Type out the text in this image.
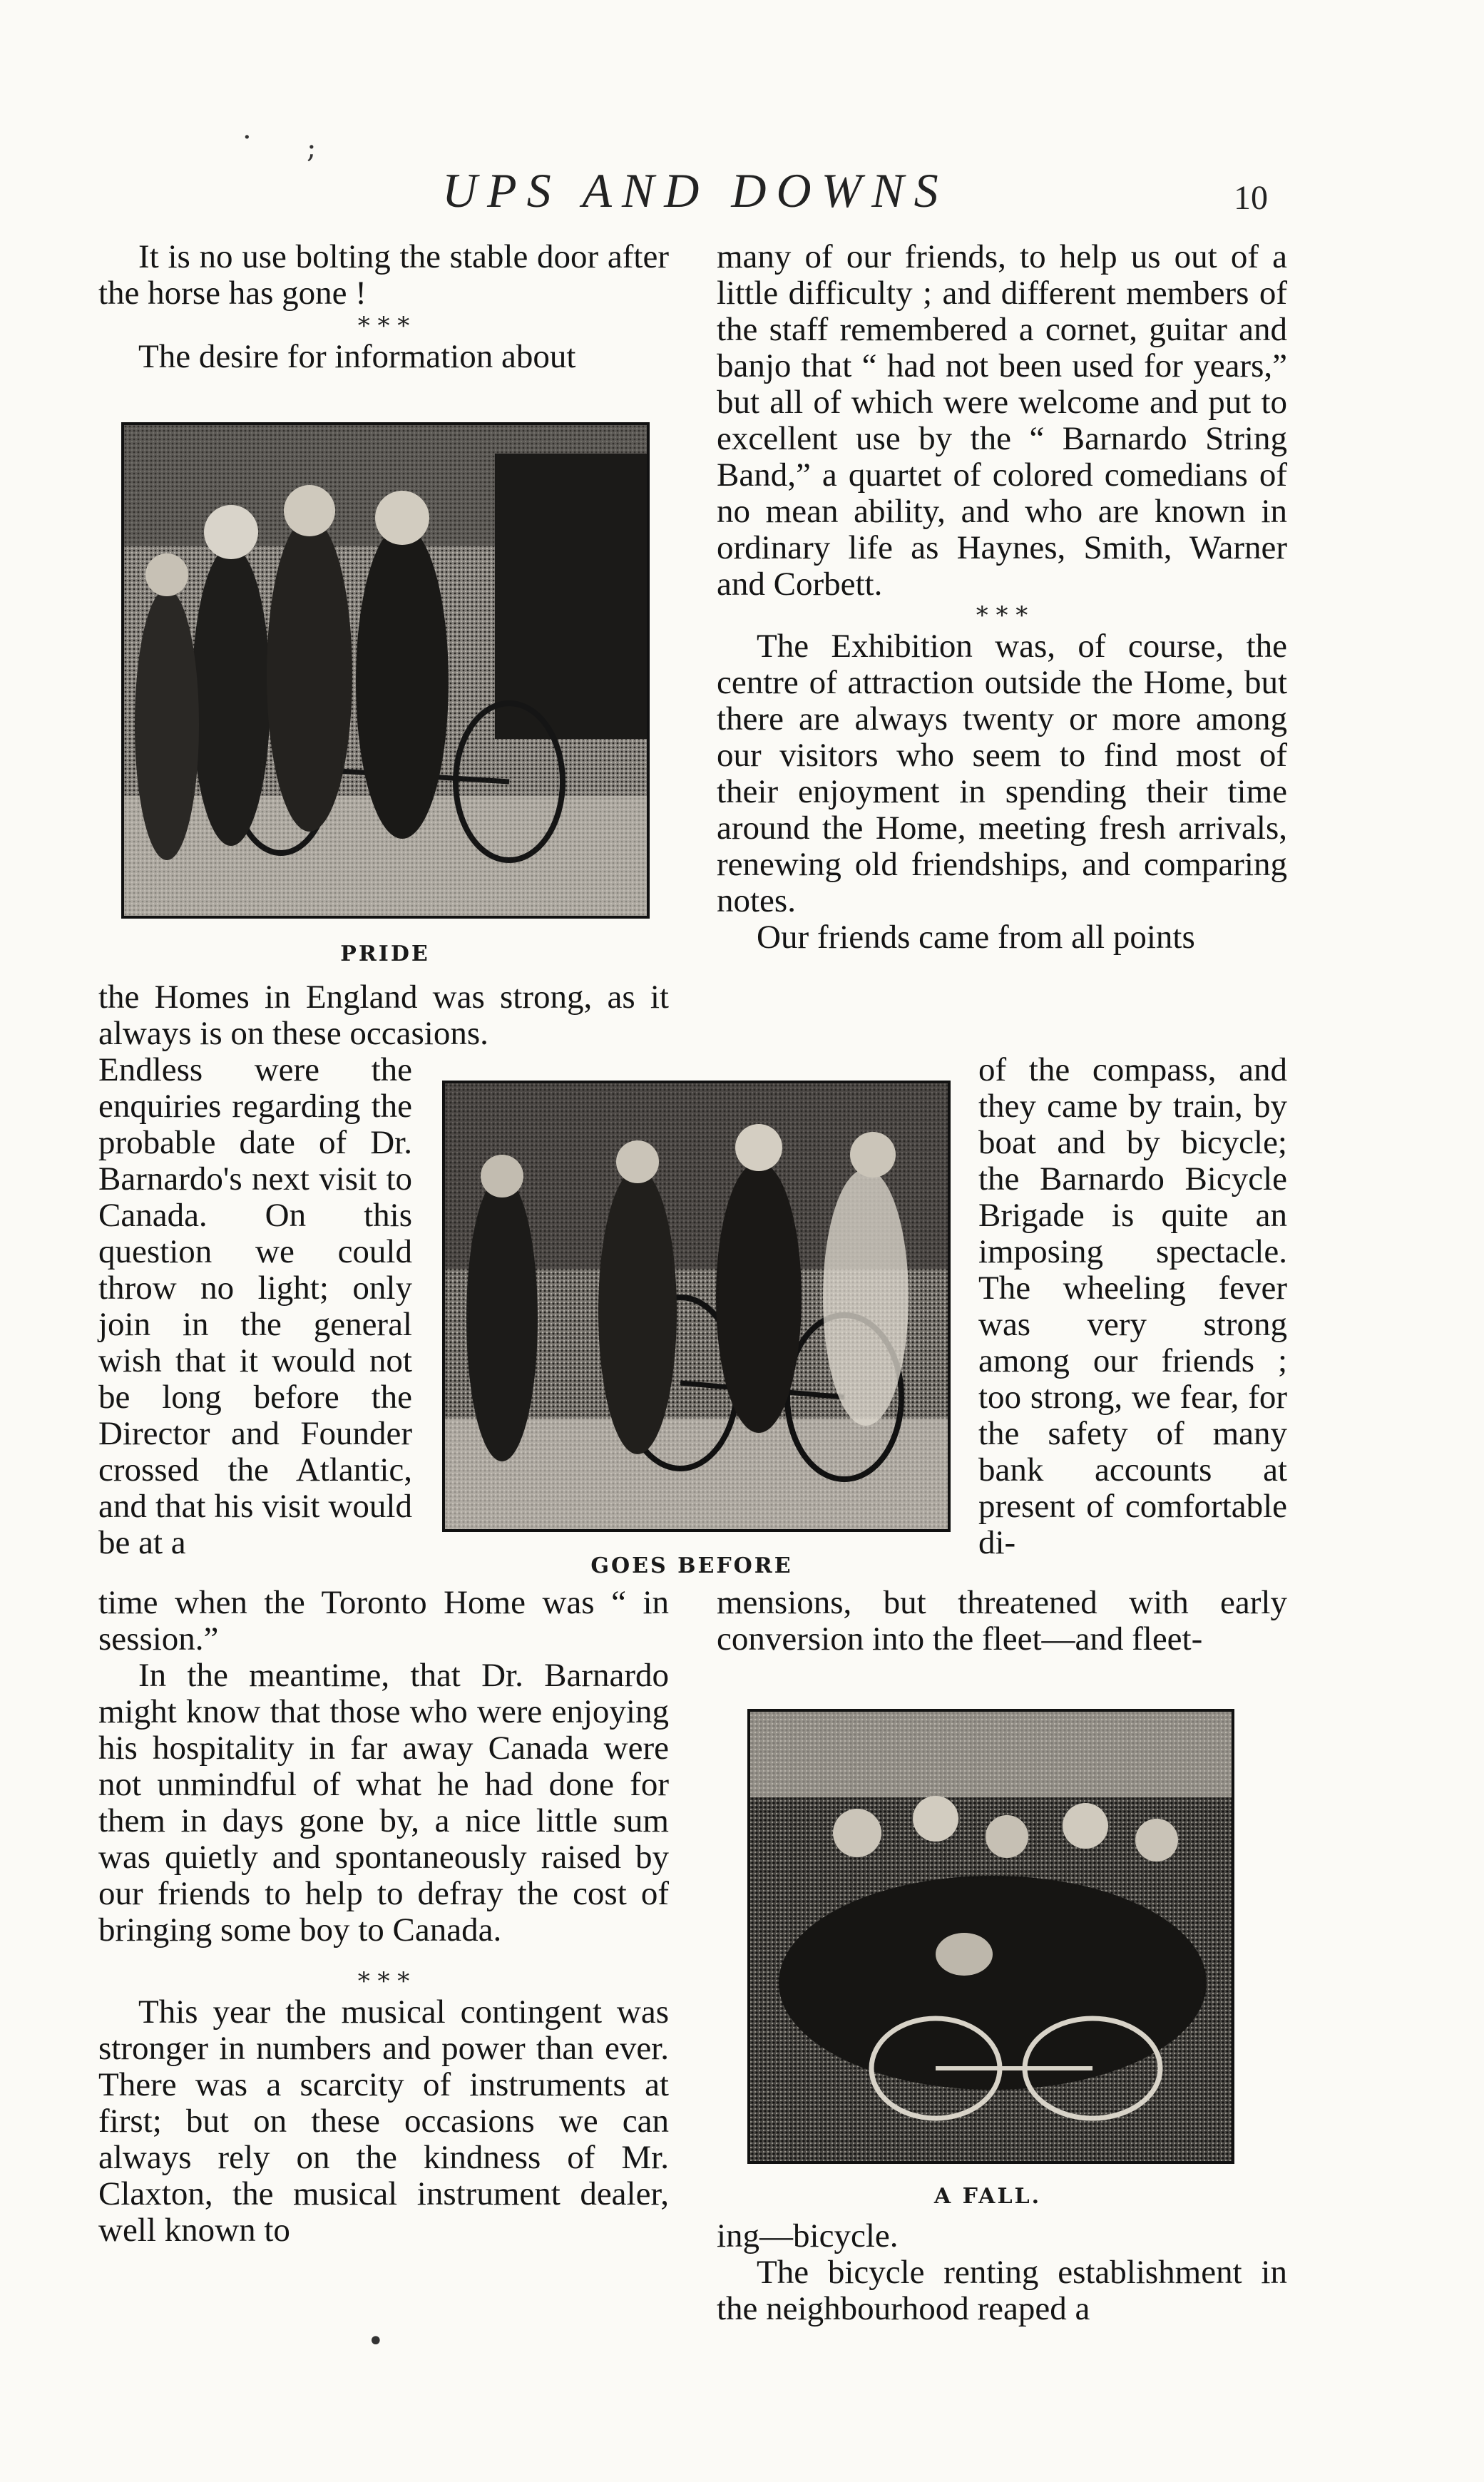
UPS AND DOWNS	10
· ;

It is no use bolting the stable door after the horse has gone !

* * *

The desire for information about

PRIDE

the Homes in England was strong, as it always is on these occasions.

Endless were the enquiries regarding the probable date of Dr. Barnardo's next visit to Canada. On this question we could throw no light; only join in the general wish that it would not be long before the Director and Founder crossed the Atlantic, and that his visit would be at a

GOES BEFORE

time when the Toronto Home was “ in session.”

In the meantime, that Dr. Barnardo might know that those who were enjoying his hospitality in far away Canada were not unmindful of what he had done for them in days gone by, a nice little sum was quietly and spontaneously raised by our friends to help to defray the cost of bringing some boy to Canada.

* * *

This year the musical contingent was stronger in numbers and power than ever. There was a scarcity of instruments at first; but on these occasions we can always rely on the kindness of Mr. Claxton, the musical instrument dealer, well known to

many of our friends, to help us out of a little difficulty ; and different members of the staff remembered a cornet, guitar and banjo that “ had not been used for years,” but all of which were welcome and put to excellent use by the “ Barnardo String Band,” a quartet of colored comedians of no mean ability, and who are known in ordinary life as Haynes, Smith, Warner and Corbett.

* * *

The Exhibition was, of course, the centre of attraction outside the Home, but there are always twenty or more among our visitors who seem to find most of their enjoyment in spending their time around the Home, meeting fresh arrivals, renewing old friendships, and comparing notes.

Our friends came from all points

of the compass, and they came by train, by boat and by bicycle; the Barnardo Bicycle Brigade is quite an imposing spectacle. The wheeling fever was very strong among our friends ; too strong, we fear, for the safety of many bank accounts at present of comfortable di-

mensions, but threatened with early conversion into the fleet—and fleet-

A FALL.

ing—bicycle.

The bicycle renting establishment in the neighbourhood reaped a

•
